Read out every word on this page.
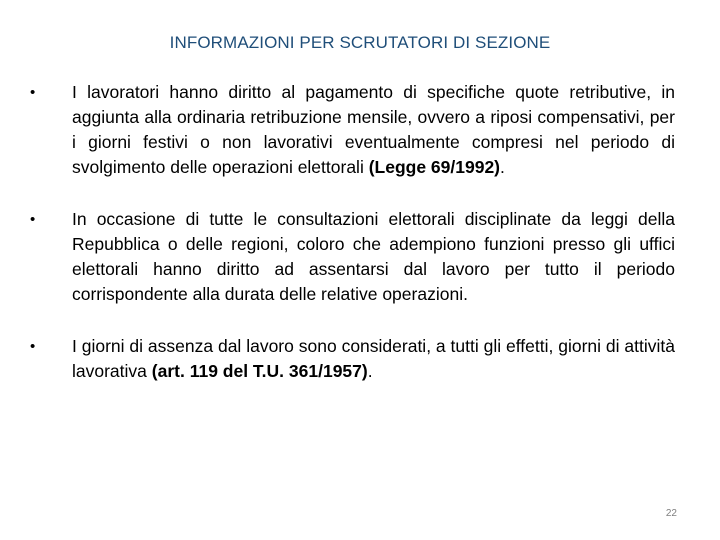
INFORMAZIONI PER SCRUTATORI DI SEZIONE
•	I lavoratori hanno diritto al pagamento di specifiche quote retributive, in aggiunta alla ordinaria retribuzione mensile, ovvero a riposi compensativi, per i giorni festivi o non lavorativi eventualmente compresi nel periodo di svolgimento delle operazioni elettorali (Legge 69/1992).
•	In occasione di tutte le consultazioni elettorali disciplinate da leggi della Repubblica o delle regioni, coloro che adempiono funzioni presso gli uffici elettorali hanno diritto ad assentarsi dal lavoro per tutto il periodo corrispondente alla durata delle relative operazioni.
•	I giorni di assenza dal lavoro sono considerati, a tutti gli effetti, giorni di attività lavorativa (art. 119 del T.U. 361/1957).
22
